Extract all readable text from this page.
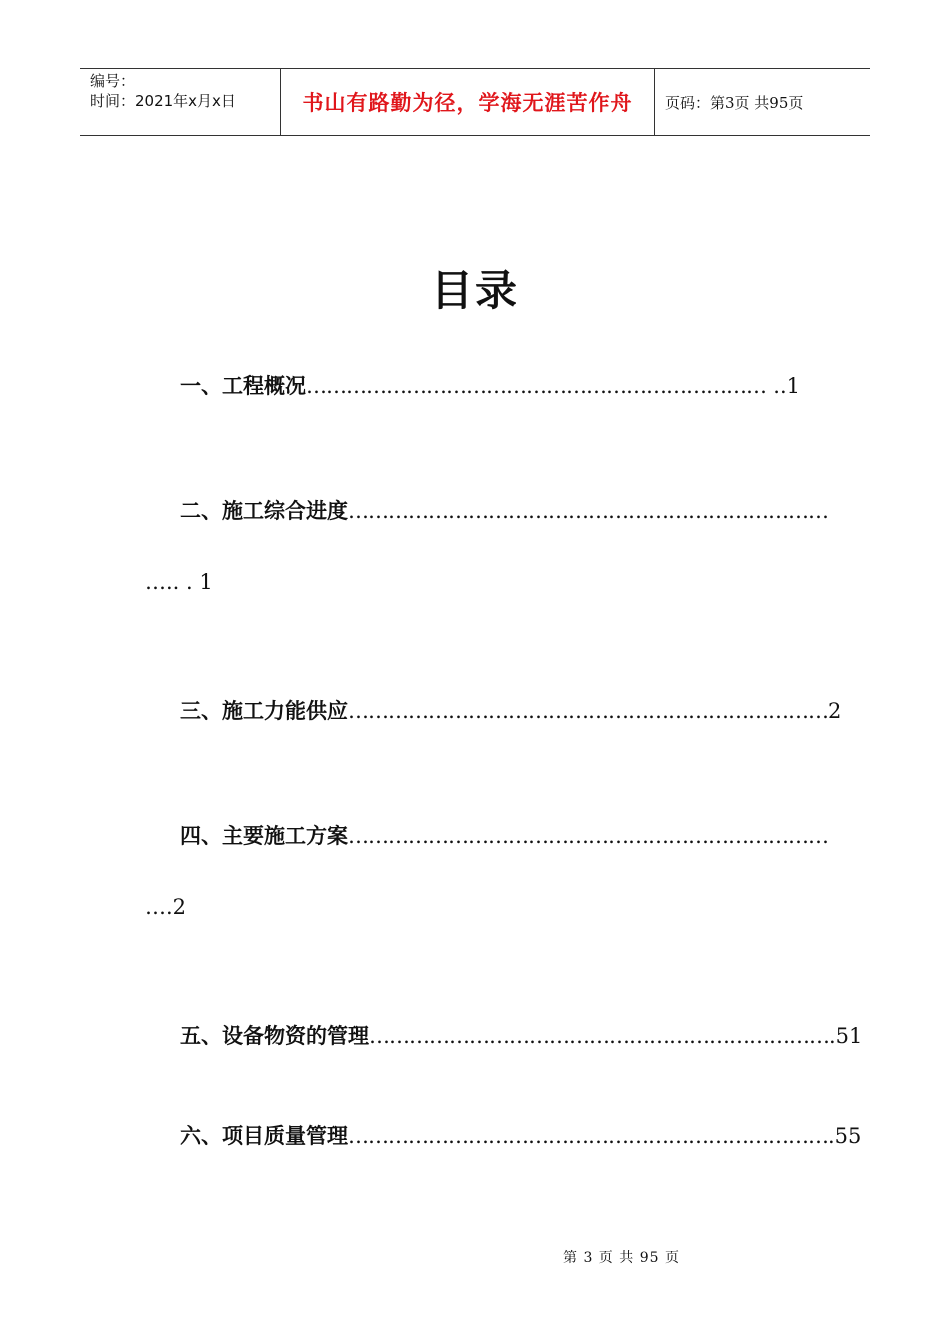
编号：
时间：2021年x月x日	书山有路勤为径，学海无涯苦作舟	页码：第3页 共95页
目录
一、工程概况 …………………………………………………………… ..1
二、施工综合进度 ………………………………………………………………
….. . 1
三、施工力能供应 ……………………………………………………………… 2
四、主要施工方案 ………………………………………………………………
….2
五、设备物资的管理 …………………………………………………………… .51
六、项目质量管理 ……………………………………………………………… .55
第 3 页 共 95 页
